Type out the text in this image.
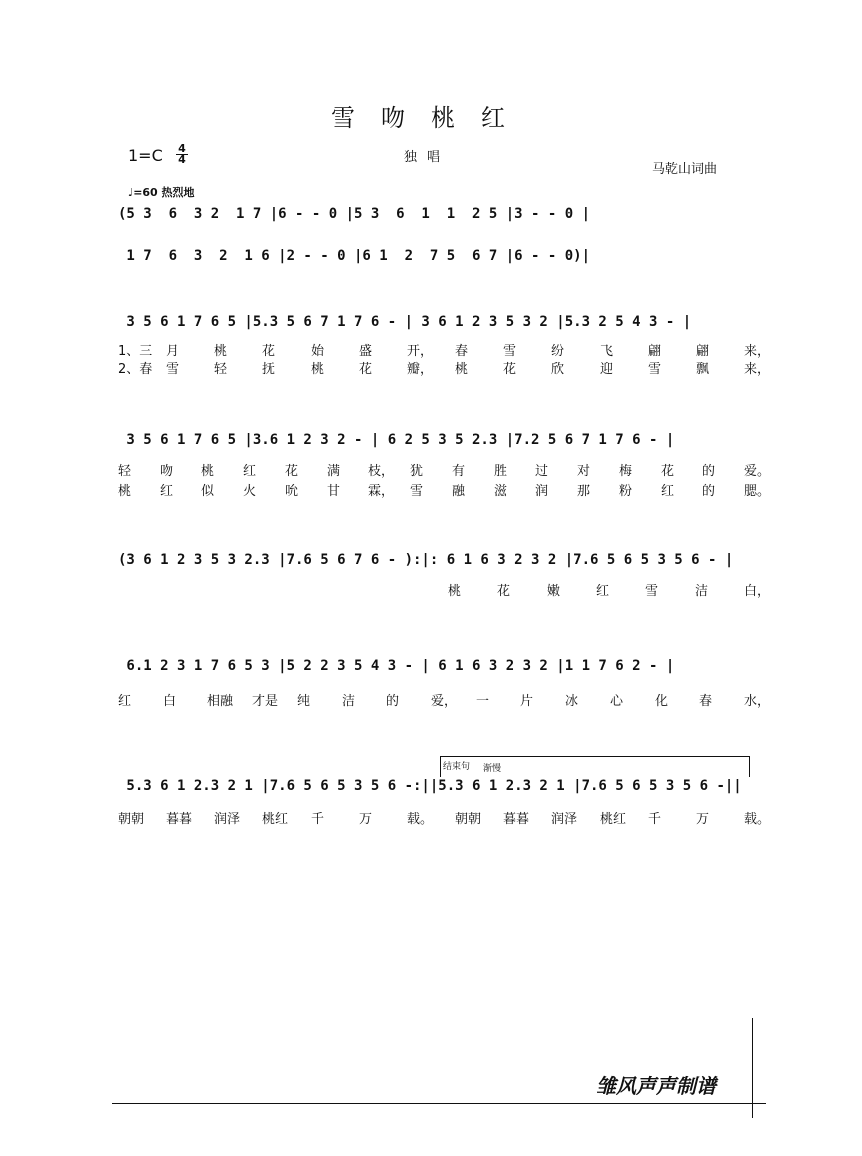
雪吻桃红
1=C 4
4	独唱
马乾山词曲
♩=60 热烈地
(5 3  6  3 2  1 7 |6 - - 0 |5 3  6  1  1  2 5 |3 - - 0 |
1 7  6  3  2  1 6 |2 - - 0 |6 1  2  7 5  6 7 |6 - - 0)|
3 5 6 1 7 6 5 |5.3 5 6 7 1 7 6 - | 3 6 1 2 3 5 3 2 |5.3 2 5 4 3 - |
3 5 6 1 7 6 5 |3.6 1 2 3 2 - | 6 2 5 3 5 2.3 |7.2 5 6 7 1 7 6 - |
(3 6 1 2 3 5 3 2.3 |7.6 5 6 7 6 - ):|: 6 1 6 3 2 3 2 |7.6 5 6 5 3 5 6 - |
6.1 2 3 1 7 6 5 3 |5 2 2 3 5 4 3 - | 6 1 6 3 2 3 2 |1 1 7 6 2 - |
5.3 6 1 2.3 2 1 |7.6 5 6 5 3 5 6 -:||5.3 6 1 2.3 2 1 |7.6 5 6 5 3 5 6 -||
1、三 月	桃	花	始	盛	开， 春	雪	纷	飞	翩	翩	来，
2、春 雪	轻	抚	桃	花	瓣， 桃	花	欣	迎	雪	飘	来，
轻 吻 桃 红 花 满 枝， 犹 有 胜 过 对 梅 花 的 爱。
桃 红 似 火 吮 甘 霖， 雪 融 滋 润 那 粉 红 的 腮。
桃	花	嫩	红	雪	洁	白，
红 白 相融 才是 纯 洁 的 爱， 一 片 冰 心 化 春 水，
朝朝 暮暮 润泽 桃红 千	万	载。 朝朝 暮暮 润泽 桃红 千	万	载。
结束句 渐慢
雏风声声制谱
